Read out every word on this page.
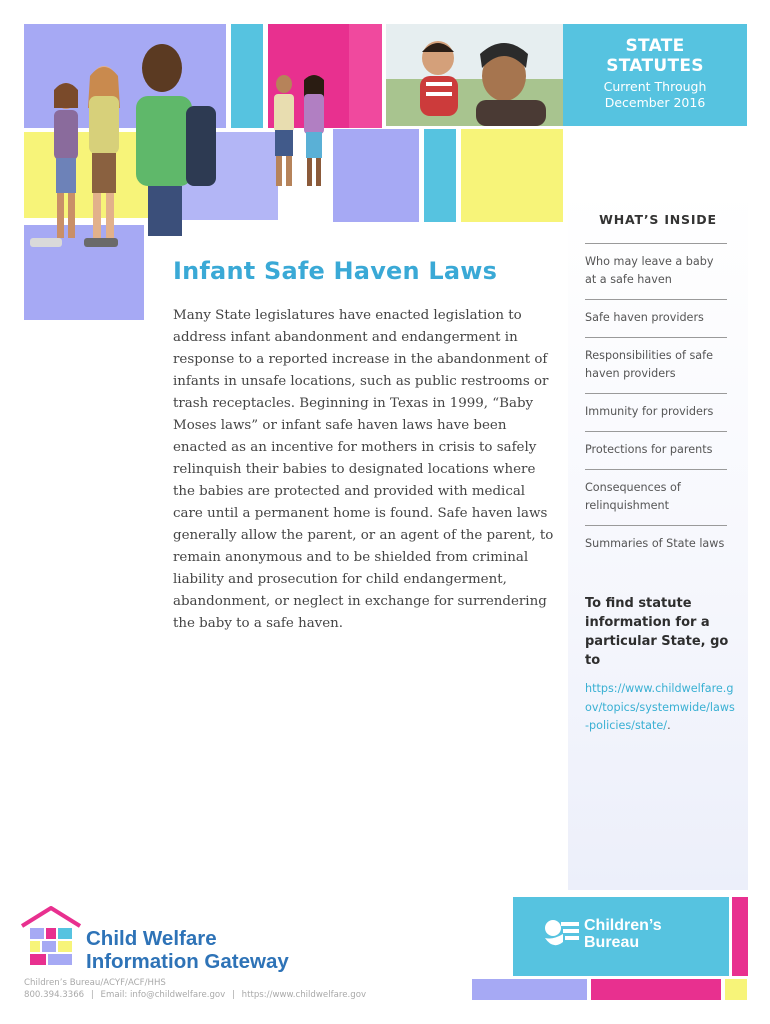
STATE
STATUTES
Current Through
December 2016
Infant Safe Haven Laws

Many State legislatures have enacted legislation to address infant abandonment and endangerment in response to a reported increase in the abandonment of infants in unsafe locations, such as public restrooms or trash receptacles. Beginning in Texas in 1999, “Baby Moses laws” or infant safe haven laws have been enacted as an incentive for mothers in crisis to safely relinquish their babies to designated locations where the babies are protected and provided with medical care until a permanent home is found. Safe haven laws generally allow the parent, or an agent of the parent, to remain anonymous and to be shielded from criminal liability and prosecution for child endangerment, abandonment, or neglect in exchange for surrendering the baby to a safe haven.

WHAT’S INSIDE
Who may leave a baby at a safe haven
Safe haven providers
Responsibilities of safe haven providers
Immunity for providers
Protections for parents
Consequences of relinquishment
Summaries of State laws
To find statute information for a particular State, go to
https://www.childwelfare.gov/topics/systemwide/laws-policies/state/.
Child Welfare
Information Gateway
Children’s Bureau/ACYF/ACF/HHS
800.394.3366 | Email: info@childwelfare.gov | https://www.childwelfare.gov
Children’s
Bureau
